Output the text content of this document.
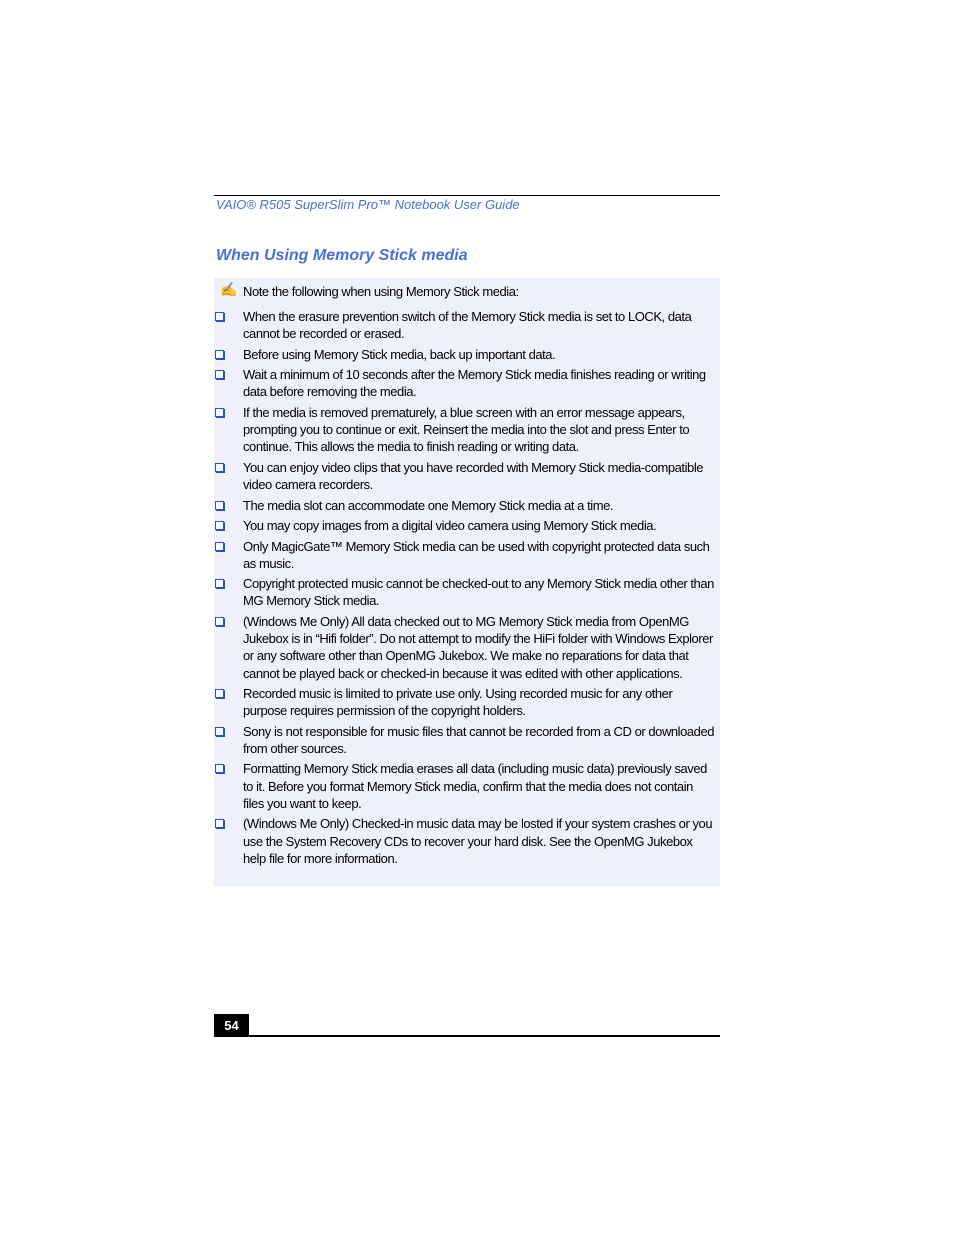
VAIO® R505 SuperSlim Pro™ Notebook User Guide
When Using Memory Stick media
✍ Note the following when using Memory Stick media:
When the erasure prevention switch of the Memory Stick media is set to LOCK, data cannot be recorded or erased.
Before using Memory Stick media, back up important data.
Wait a minimum of 10 seconds after the Memory Stick media finishes reading or writing data before removing the media.
If the media is removed prematurely, a blue screen with an error message appears, prompting you to continue or exit. Reinsert the media into the slot and press Enter to continue. This allows the media to finish reading or writing data.
You can enjoy video clips that you have recorded with Memory Stick media-compatible video camera recorders.
The media slot can accommodate one Memory Stick media at a time.
You may copy images from a digital video camera using Memory Stick media.
Only MagicGate™ Memory Stick media can be used with copyright protected data such as music.
Copyright protected music cannot be checked-out to any Memory Stick media other than MG Memory Stick media.
(Windows Me Only) All data checked out to MG Memory Stick media from OpenMG Jukebox is in “Hifi folder”. Do not attempt to modify the HiFi folder with Windows Explorer or any software other than OpenMG Jukebox. We make no reparations for data that cannot be played back or checked-in because it was edited with other applications.
Recorded music is limited to private use only. Using recorded music for any other purpose requires permission of the copyright holders.
Sony is not responsible for music files that cannot be recorded from a CD or downloaded from other sources.
Formatting Memory Stick media erases all data (including music data) previously saved to it. Before you format Memory Stick media, confirm that the media does not contain files you want to keep.
(Windows Me Only) Checked-in music data may be losted if your system crashes or you use the System Recovery CDs to recover your hard disk. See the OpenMG Jukebox help file for more information.
54
